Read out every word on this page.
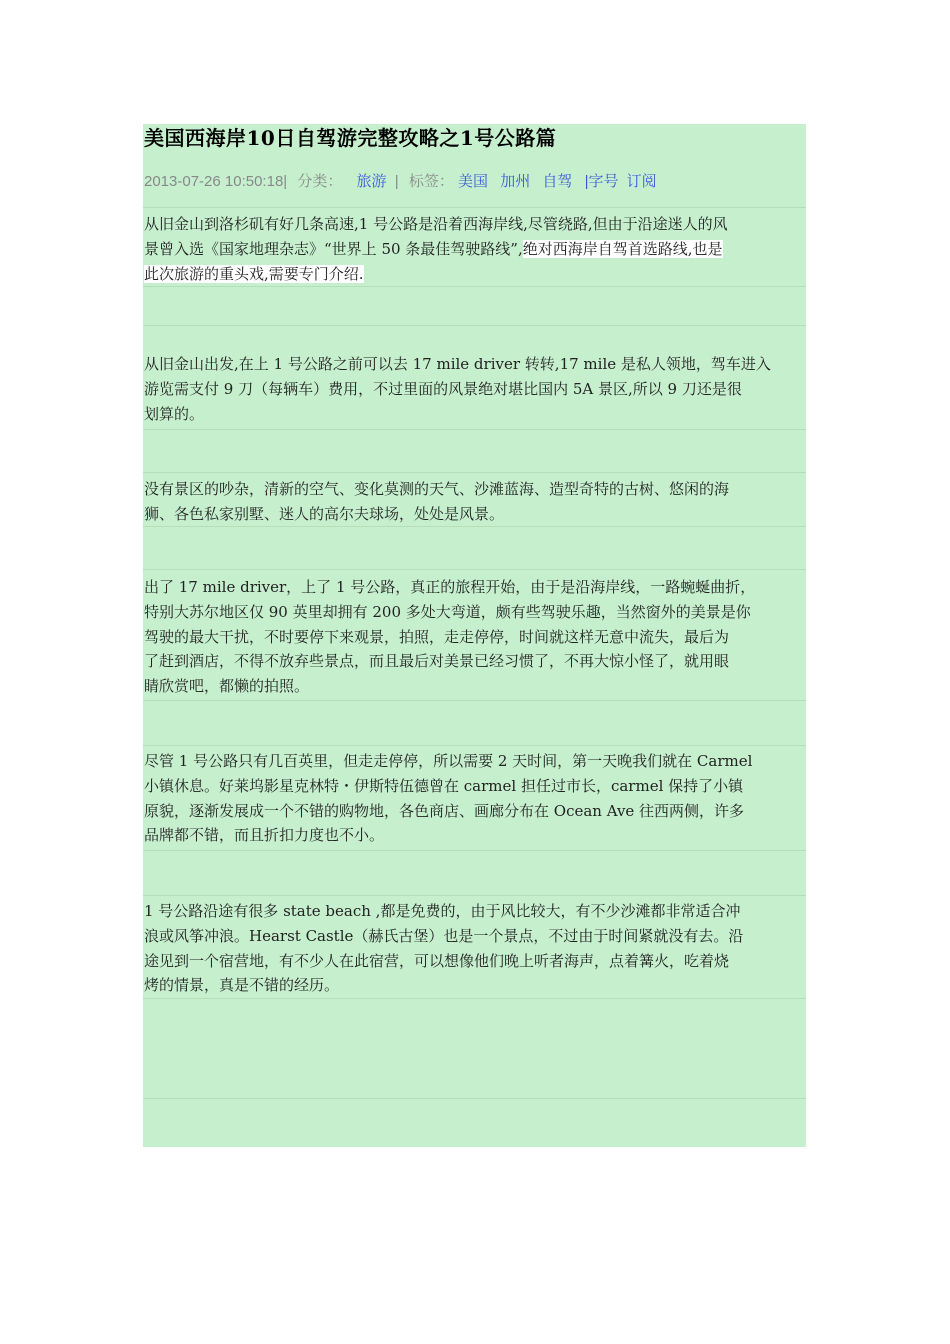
美国西海岸10日自驾游完整攻略之1号公路篇
2013-07-26 10:50:18| 分类： 旅游 | 标签： 美国 加州 自驾 |字号 订阅
从旧金山到洛杉矶有好几条高速,1 号公路是沿着西海岸线,尽管绕路,但由于沿途迷人的风
景曾入选《国家地理杂志》“世界上 50 条最佳驾驶路线”,绝对西海岸自驾首选路线,也是
此次旅游的重头戏,需要专门介绍.
从旧金山出发,在上 1 号公路之前可以去 17 mile driver 转转,17 mile 是私人领地，驾车进入
游览需支付 9 刀（每辆车）费用，不过里面的风景绝对堪比国内 5A 景区,所以 9 刀还是很
划算的。
没有景区的吵杂，清新的空气、变化莫测的天气、沙滩蓝海、造型奇特的古树、悠闲的海
狮、各色私家别墅、迷人的高尔夫球场，处处是风景。
出了 17 mile driver，上了 1 号公路，真正的旅程开始，由于是沿海岸线，一路蜿蜒曲折，
特别大苏尔地区仅 90 英里却拥有 200 多处大弯道，颇有些驾驶乐趣，当然窗外的美景是你
驾驶的最大干扰，不时要停下来观景，拍照，走走停停，时间就这样无意中流失，最后为
了赶到酒店，不得不放弃些景点，而且最后对美景已经习惯了，不再大惊小怪了，就用眼
睛欣赏吧，都懒的拍照。
尽管 1 号公路只有几百英里，但走走停停，所以需要 2 天时间，第一天晚我们就在 Carmel
小镇休息。好莱坞影星克林特・伊斯特伍德曾在 carmel 担任过市长，carmel 保持了小镇
原貌，逐渐发展成一个不错的购物地，各色商店、画廊分布在 Ocean Ave 往西两侧，许多
品牌都不错，而且折扣力度也不小。
1 号公路沿途有很多 state beach ,都是免费的，由于风比较大，有不少沙滩都非常适合冲
浪或风筝冲浪。Hearst Castle（赫氏古堡）也是一个景点，不过由于时间紧就没有去。沿
途见到一个宿营地，有不少人在此宿营，可以想像他们晚上听者海声，点着篝火，吃着烧
烤的情景，真是不错的经历。
